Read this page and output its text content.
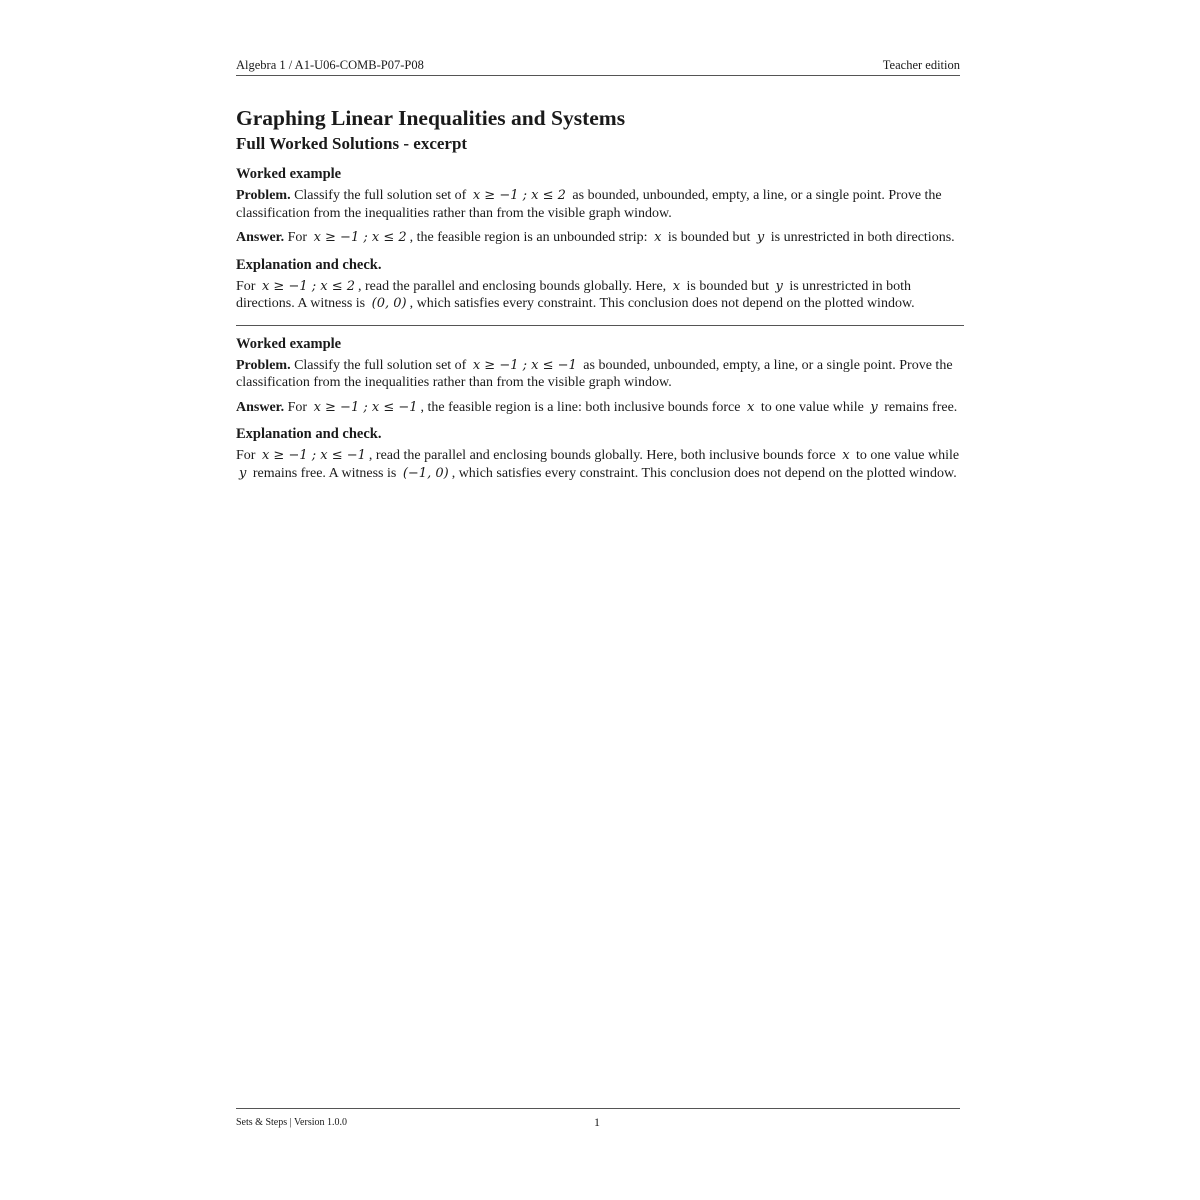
Algebra 1 / A1-U06-COMB-P07-P08	Teacher edition
Graphing Linear Inequalities and Systems
Full Worked Solutions - excerpt
Worked example

Problem. Classify the full solution set of x ≥ −1 ; x ≤ 2 as bounded, unbounded, empty, a line, or a single point. Prove the classification from the inequalities rather than from the visible graph window.

Answer. For x ≥ −1 ; x ≤ 2 , the feasible region is an unbounded strip: x is bounded but y is unrestricted in both directions.

Explanation and check.

For x ≥ −1 ; x ≤ 2 , read the parallel and enclosing bounds globally. Here, x is bounded but y is unrestricted in both directions. A witness is (0, 0) , which satisfies every constraint. This conclusion does not depend on the plotted window.

Worked example

Problem. Classify the full solution set of x ≥ −1 ; x ≤ −1 as bounded, unbounded, empty, a line, or a single point. Prove the classification from the inequalities rather than from the visible graph window.

Answer. For x ≥ −1 ; x ≤ −1 , the feasible region is a line: both inclusive bounds force x to one value while y remains free.

Explanation and check.

For x ≥ −1 ; x ≤ −1 , read the parallel and enclosing bounds globally. Here, both inclusive bounds force x to one value while y remains free. A witness is (−1, 0) , which satisfies every constraint. This conclusion does not depend on the plotted window.

Sets & Steps | Version 1.0.0	1
